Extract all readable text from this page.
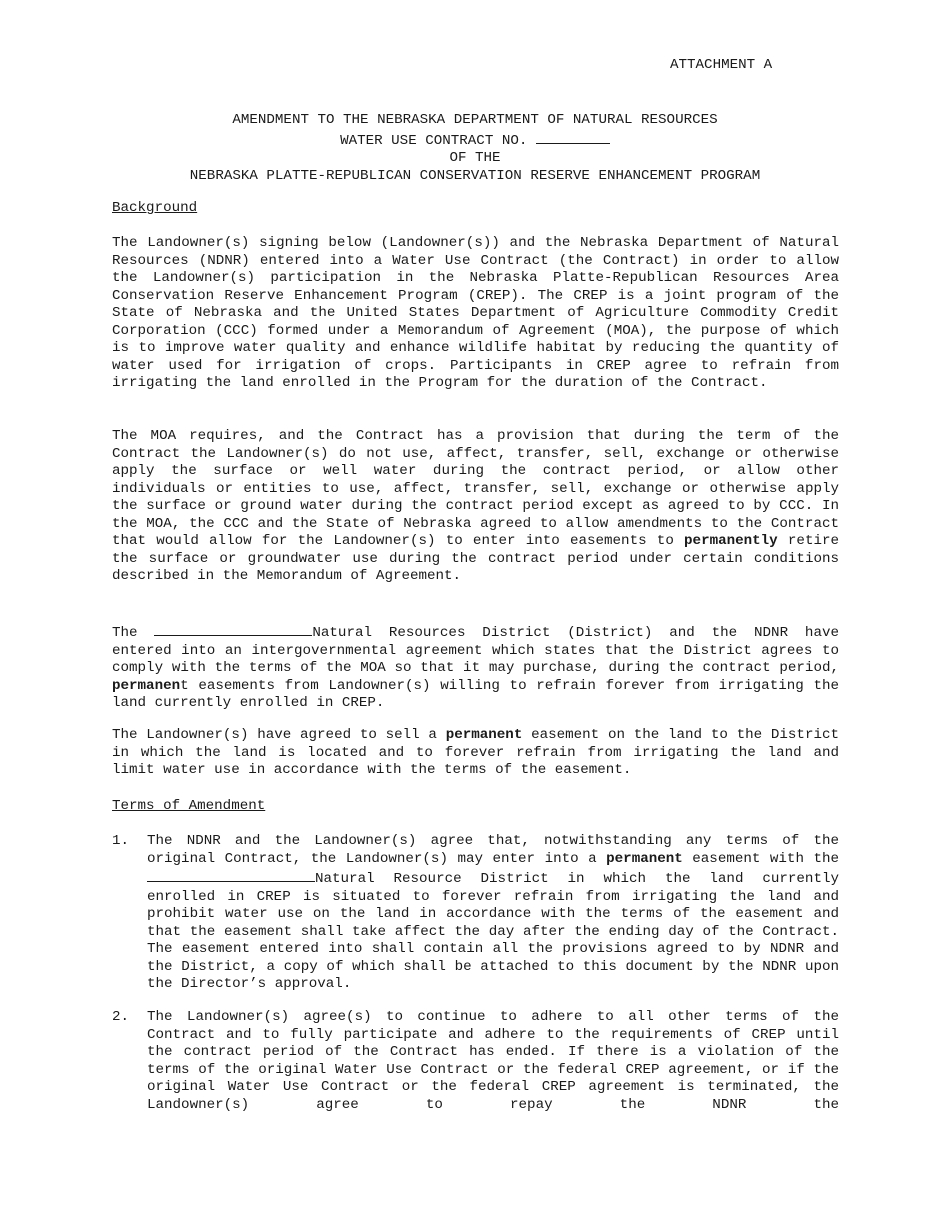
ATTACHMENT A
AMENDMENT TO THE NEBRASKA DEPARTMENT OF NATURAL RESOURCES
WATER USE CONTRACT NO.
OF THE
NEBRASKA PLATTE-REPUBLICAN CONSERVATION RESERVE ENHANCEMENT PROGRAM
Background
The Landowner(s) signing below (Landowner(s)) and the Nebraska Department of Natural Resources (NDNR) entered into a Water Use Contract (the Contract) in order to allow the Landowner(s) participation in the Nebraska Platte-Republican Resources Area Conservation Reserve Enhancement Program (CREP). The CREP is a joint program of the State of Nebraska and the United States Department of Agriculture Commodity Credit Corporation (CCC) formed under a Memorandum of Agreement (MOA), the purpose of which is to improve water quality and enhance wildlife habitat by reducing the quantity of water used for irrigation of crops. Participants in CREP agree to refrain from irrigating the land enrolled in the Program for the duration of the Contract.
The MOA requires, and the Contract has a provision that during the term of the Contract the Landowner(s) do not use, affect, transfer, sell, exchange or otherwise apply the surface or well water during the contract period, or allow other individuals or entities to use, affect, transfer, sell, exchange or otherwise apply the surface or ground water during the contract period except as agreed to by CCC. In the MOA, the CCC and the State of Nebraska agreed to allow amendments to the Contract that would allow for the Landowner(s) to enter into easements to permanently retire the surface or groundwater use during the contract period under certain conditions described in the Memorandum of Agreement.
The	Natural Resources District (District) and the NDNR have entered into an intergovernmental agreement which states that the District agrees to comply with the terms of the MOA so that it may purchase, during the contract period, permanent easements from Landowner(s) willing to refrain forever from irrigating the land currently enrolled in CREP.
The Landowner(s) have agreed to sell a permanent easement on the land to the District in which the land is located and to forever refrain from irrigating the land and limit water use in accordance with the terms of the easement.
Terms of Amendment
1. The NDNR and the Landowner(s) agree that, notwithstanding any terms of the original Contract, the Landowner(s) may enter into a permanent easement with the Natural Resource District in which the land currently enrolled in CREP is situated to forever refrain from irrigating the land and prohibit water use on the land in accordance with the terms of the easement and that the easement shall take affect the day after the ending day of the Contract. The easement entered into shall contain all the provisions agreed to by NDNR and the District, a copy of which shall be attached to this document by the NDNR upon the Director’s approval.
2. The Landowner(s) agree(s) to continue to adhere to all other terms of the Contract and to fully participate and adhere to the requirements of CREP until the contract period of the Contract has ended. If there is a violation of the terms of the original Water Use Contract or the federal CREP agreement, or if the original Water Use Contract or the federal CREP agreement is terminated, the Landowner(s) agree to repay the NDNR the
